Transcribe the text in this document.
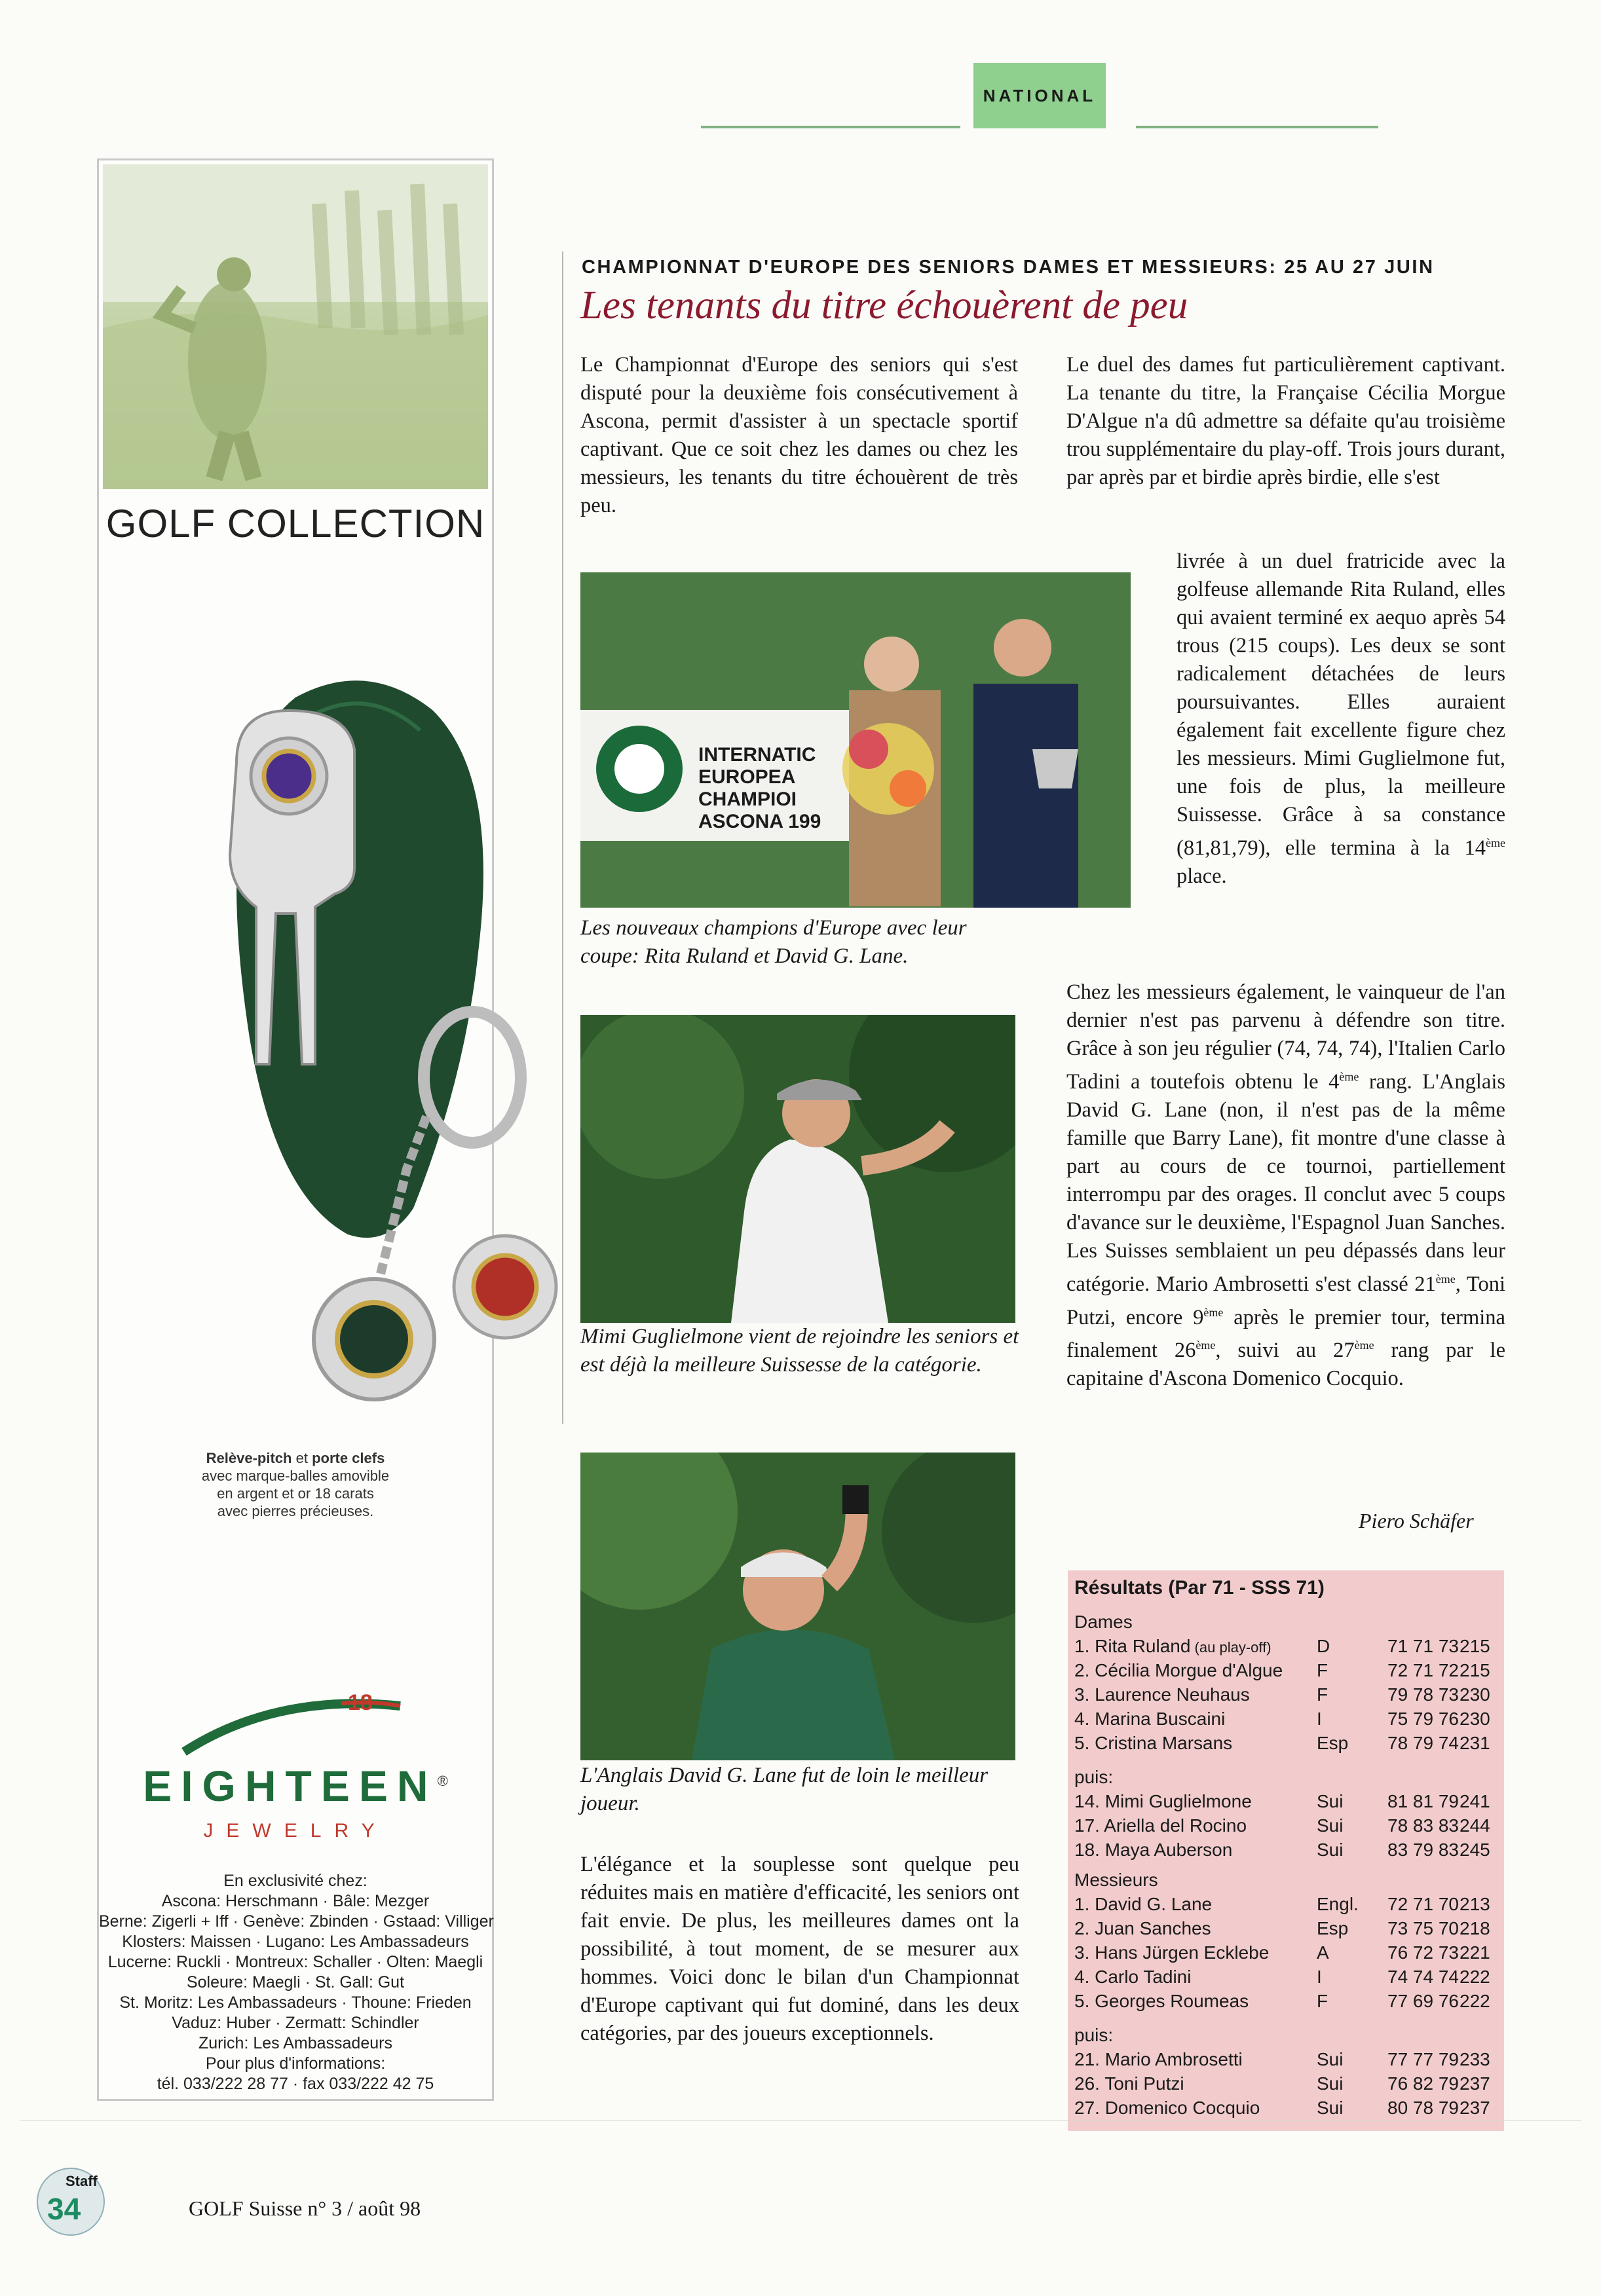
NATIONAL
GOLF COLLECTION
Relève-pitch et porte clefs
avec marque-balles amovible
en argent et or 18 carats
avec pierres précieuses.
18
EIGHTEEN®
JEWELRY
En exclusivité chez:
Ascona: Herschmann · Bâle: Mezger
Berne: Zigerli + Iff · Genève: Zbinden · Gstaad: Villiger
Klosters: Maissen · Lugano: Les Ambassadeurs
Lucerne: Ruckli · Montreux: Schaller · Olten: Maegli
Soleure: Maegli · St. Gall: Gut
St. Moritz: Les Ambassadeurs · Thoune: Frieden
Vaduz: Huber · Zermatt: Schindler
Zurich: Les Ambassadeurs
Pour plus d'informations:
tél. 033/222 28 77 · fax 033/222 42 75
CHAMPIONNAT D'EUROPE DES SENIORS DAMES ET MESSIEURS: 25 AU 27 JUIN
Les tenants du titre échouèrent de peu

Le Championnat d'Europe des seniors qui s'est disputé pour la deuxième fois consécutivement à Ascona, permit d'assister à un spectacle sportif captivant. Que ce soit chez les dames ou chez les messieurs, les tenants du titre échouèrent de très peu.

INTERNATIC
EUROPEA
CHAMPIOI
ASCONA 199
Les nouveaux champions d'Europe avec leur coupe: Rita Ruland et David G. Lane.
Mimi Guglielmone vient de rejoindre les seniors et est déjà la meilleure Suissesse de la catégorie.
L'Anglais David G. Lane fut de loin le meilleur joueur.

L'élégance et la souplesse sont quelque peu réduites mais en matière d'efficacité, les seniors ont fait envie. De plus, les meilleures dames ont la possibilité, à tout moment, de se mesurer aux hommes. Voici donc le bilan d'un Championnat d'Europe captivant qui fut dominé, dans les deux catégories, par des joueurs exceptionnels.

Le duel des dames fut particulièrement captivant. La tenante du titre, la Française Cécilia Morgue D'Algue n'a dû admettre sa défaite qu'au troisième trou supplémentaire du play-off. Trois jours durant, par après par et birdie après birdie, elle s'est

livrée à un duel fratricide avec la golfeuse allemande Rita Ruland, elles qui avaient terminé ex aequo après 54 trous (215 coups). Les deux se sont radicalement détachées de leurs poursuivantes. Elles auraient également fait excellente figure chez les messieurs. Mimi Guglielmone fut, une fois de plus, la meilleure Suissesse. Grâce à sa constance (81,81,79), elle termina à la 14ème place.

Chez les messieurs également, le vainqueur de l'an dernier n'est pas parvenu à défendre son titre. Grâce à son jeu régulier (74, 74, 74), l'Italien Carlo Tadini a toutefois obtenu le 4ème rang. L'Anglais David G. Lane (non, il n'est pas de la même famille que Barry Lane), fit montre d'une classe à part au cours de ce tournoi, partiellement interrompu par des orages. Il conclut avec 5 coups d'avance sur le deuxième, l'Espagnol Juan Sanches. Les Suisses semblaient un peu dépassés dans leur catégorie. Mario Ambrosetti s'est classé 21ème, Toni Putzi, encore 9ème après le premier tour, termina finalement 26ème, suivi au 27ème rang par le capitaine d'Ascona Domenico Cocquio.

Piero Schäfer
Résultats (Par 71 - SSS 71)
Dames
1. Rita Ruland (au play-off) D	71 71 73 215
2. Cécilia Morgue d'Algue F	72 71 72 215
3. Laurence Neuhaus	F	79 78 73 230
4. Marina Buscaini	I	75 79 76 230
5. Cristina Marsans	Esp 78 79 74 231
puis:
14. Mimi Guglielmone	Sui 81 81 79 241
17. Ariella del Rocino	Sui 78 83 83 244
18. Maya Auberson	Sui 83 79 83 245
Messieurs
1. David G. Lane	Engl. 72 71 70 213
2. Juan Sanches	Esp 73 75 70 218
3. Hans Jürgen Ecklebe	A	76 72 73 221
4. Carlo Tadini	I	74 74 74 222
5. Georges Roumeas	F	77 69 76 222
puis:
21. Mario Ambrosetti	Sui 77 77 79 233
26. Toni Putzi	Sui 76 82 79 237
27. Domenico Cocquio	Sui 80 78 79 237
Staff
34	GOLF Suisse n° 3 / août 98
